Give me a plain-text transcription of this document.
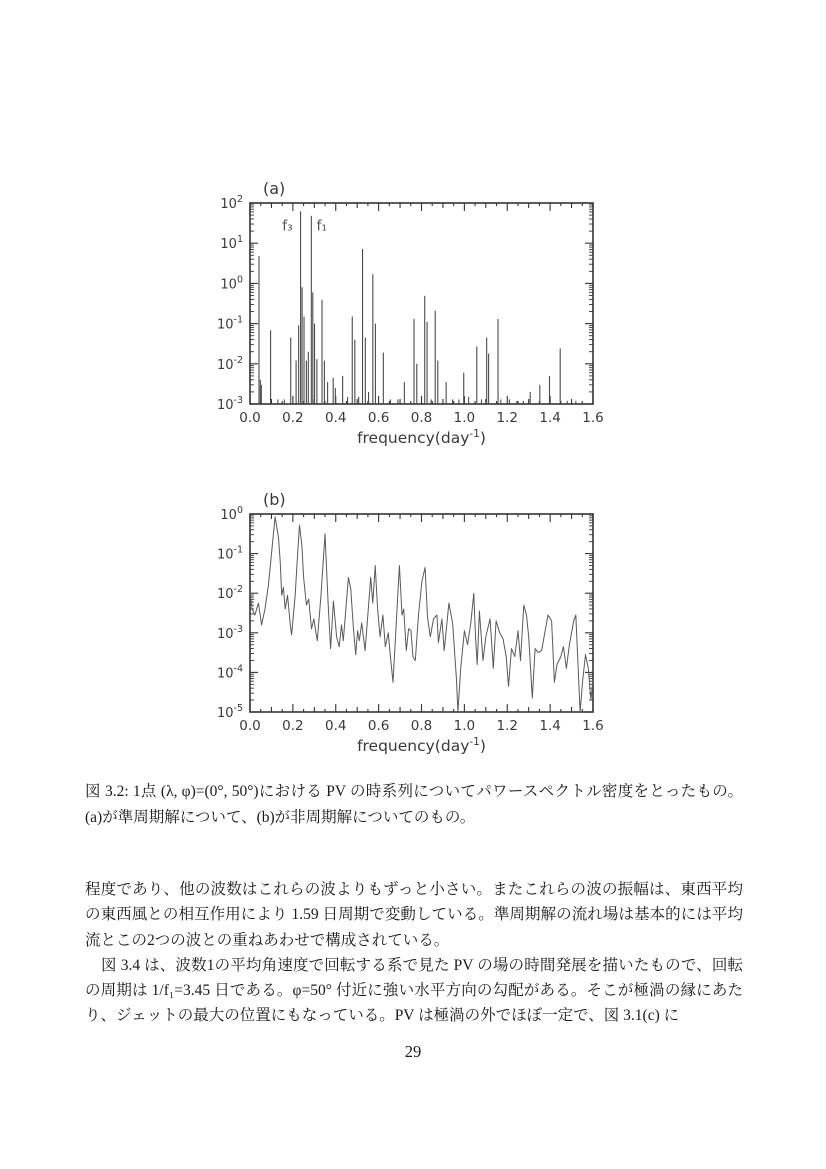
0.0 0.2 0.4 0.6 0.8 1.0 1.2 1.4 1.6
$10^2$
$10^1$
$10^0$
$10^{-1}$
$10^{-2}$
$10^{-3}$
(a)
frequency(day$^{-1}$)
f₃ f₁
0.0 0.2 0.4 0.6 0.8 1.0 1.2 1.4 1.6
$10^0$
$10^{-1}$
$10^{-2}$
$10^{-3}$
$10^{-4}$
$10^{-5}$
(b)
frequency(day$^{-1}$)
図 3.2: 1点 (λ, φ)=(0°, 50°)における PV の時系列についてパワースペクトル密度をとったもの。(a)が準周期解について、(b)が非周期解についてのもの。

程度であり、他の波数はこれらの波よりもずっと小さい。またこれらの波の振幅は、東西平均の東西風との相互作用により 1.59 日周期で変動している。準周期解の流れ場は基本的には平均流とこの2つの波との重ねあわせで構成されている。

図 3.4 は、波数1の平均角速度で回転する系で見た PV の場の時間発展を描いたもので、回転の周期は 1/f₁=3.45 日である。φ=50° 付近に強い水平方向の勾配がある。そこが極渦の縁にあたり、ジェットの最大の位置にもなっている。PV は極渦の外でほぼ一定で、図 3.1(c) に

29
